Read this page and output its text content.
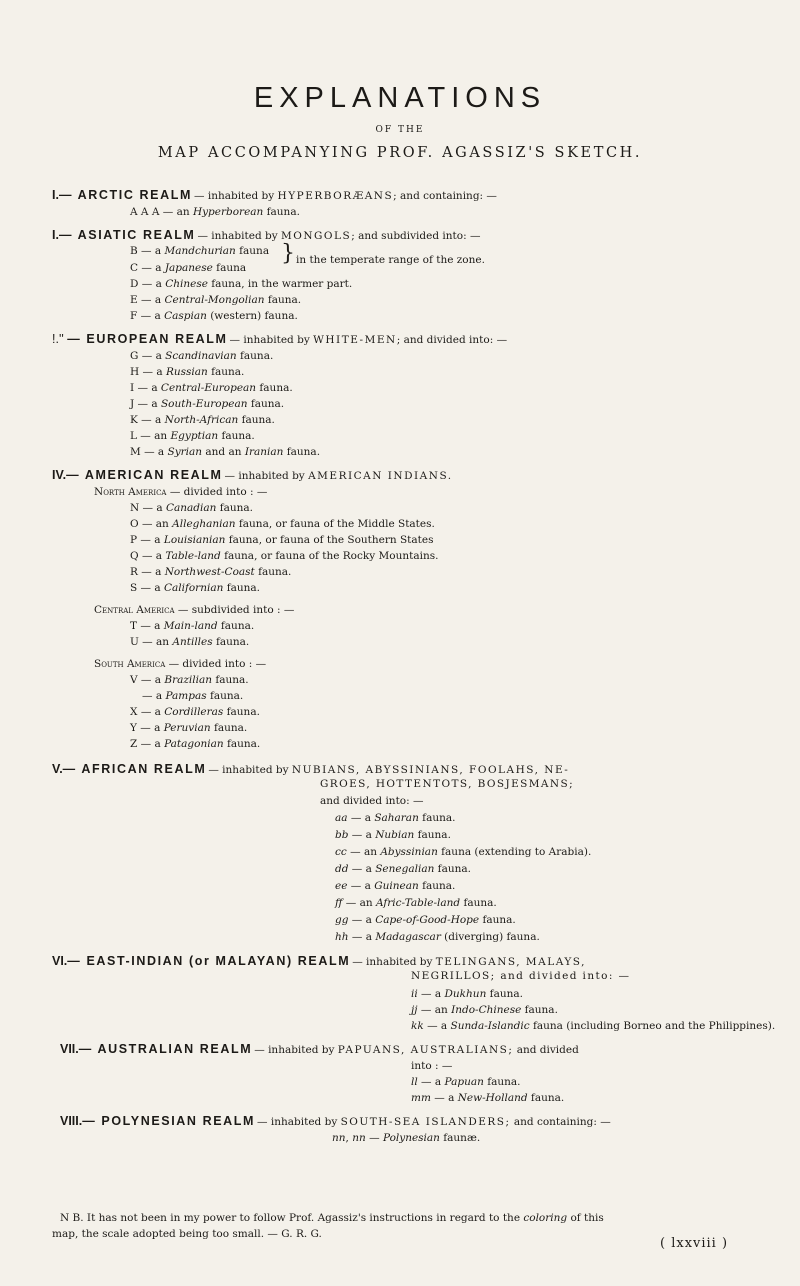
EXPLANATIONS
OF THE
MAP ACCOMPANYING PROF. AGASSIZ'S SKETCH.
I.— ARCTIC REALM — inhabited by HYPERBORÆANS; and containing: —
A A A — an Hyperborean fauna.
I.— ASIATIC REALM — inhabited by MONGOLS; and subdivided into: —
B — a Mandchurian fauna
C — a Japanese fauna
} in the temperate range of the zone.
D — a Chinese fauna, in the warmer part.
E — a Central-Mongolian fauna.
F — a Caspian (western) fauna.
!.'' — EUROPEAN REALM — inhabited by WHITE-MEN; and divided into: —
G — a Scandinavian fauna.
H — a Russian fauna.
I — a Central-European fauna.
J — a South-European fauna.
K — a North-African fauna.
L — an Egyptian fauna.
M — a Syrian and an Iranian fauna.
IV.— AMERICAN REALM — inhabited by AMERICAN INDIANS.
North America — divided into : —
N — a Canadian fauna.
O — an Allegh​anian fauna, or fauna of the Middle States.
P — a Louisianian fauna, or fauna of the Southern States
Q — a Table-land fauna, or fauna of the Rocky Mountains.
R — a Northwest-Coast fauna.
S — a Californian fauna.
Central America — subdivided into : —
T — a Main-land fauna.
U — an Antilles fauna.
South America — divided into : —
V — a Brazilian fauna.
— a Pampas fauna.
X — a Cordilleras fauna.
Y — a Peruvian fauna.
Z — a Patagonian fauna.
V.— AFRICAN REALM — inhabited by NUBIANS, ABYSSINIANS, FOOLAHS, NE-
GROES, HOTTENTOTS, BOSJESMANS;
and divided into: —
aa — a Saharan fauna.
bb — a Nubian fauna.
cc — an Abyssinian fauna (extending to Arabia).
dd — a Senegalian fauna.
ee — a Guinean fauna.
ff — an Afric-Table-land fauna.
gg — a Cape-of-Good-Hope fauna.
hh — a Madagascar (diverging) fauna.
VI.— EAST-INDIAN (or MALAYAN) REALM — inhabited by TELINGANS, MALAYS,
NEGRILLOS; and divided into: —
ii — a Dukhun fauna.
jj — an Indo-Chinese fauna.
kk — a Sunda-Islandic fauna (including Borneo and the Philippines).
VII.— AUSTRALIAN REALM — inhabited by PAPUANS, AUSTRALIANS; and divided
into : —
ll — a Papuan fauna.
mm — a New-Holland fauna.
VIII.— POLYNESIAN REALM — inhabited by SOUTH-SEA ISLANDERS; and containing: —
nn, nn — Polynesian faunæ.
N B. It has not been in my power to follow Prof. Agassiz's instructions in regard to the coloring of this
map, the scale adopted being too small. — G. R. G.
( lxxviii )
